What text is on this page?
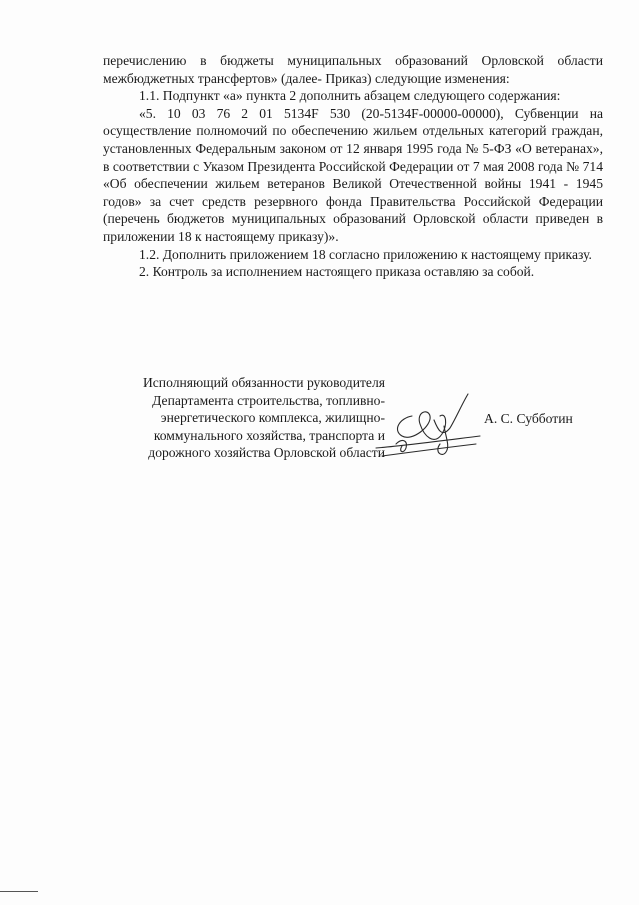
перечислению в бюджеты муниципальных образований Орловской области межбюджетных трансфертов» (далее- Приказ) следующие изменения:

1.1. Подпункт «а» пункта 2 дополнить абзацем следующего содержания:

«5. 10 03 76 2 01 5134F 530 (20-5134F-00000-00000), Субвенции на осуществление полномочий по обеспечению жильем отдельных категорий граждан, установленных Федеральным законом от 12 января 1995 года № 5-ФЗ «О ветеранах», в соответствии с Указом Президента Российской Федерации от 7 мая 2008 года № 714 «Об обеспечении жильем ветеранов Великой Отечественной войны 1941 - 1945 годов» за счет средств резервного фонда Правительства Российской Федерации (перечень бюджетов муниципальных образований Орловской области приведен в приложении 18 к настоящему приказу)».

1.2. Дополнить приложением 18 согласно приложению к настоящему приказу.

2. Контроль за исполнением настоящего приказа оставляю за собой.

Исполняющий обязанности руководителя
Департамента строительства, топливно-
энергетического комплекса, жилищно-
коммунального хозяйства, транспорта и
дорожного хозяйства Орловской области
А. С. Субботин
